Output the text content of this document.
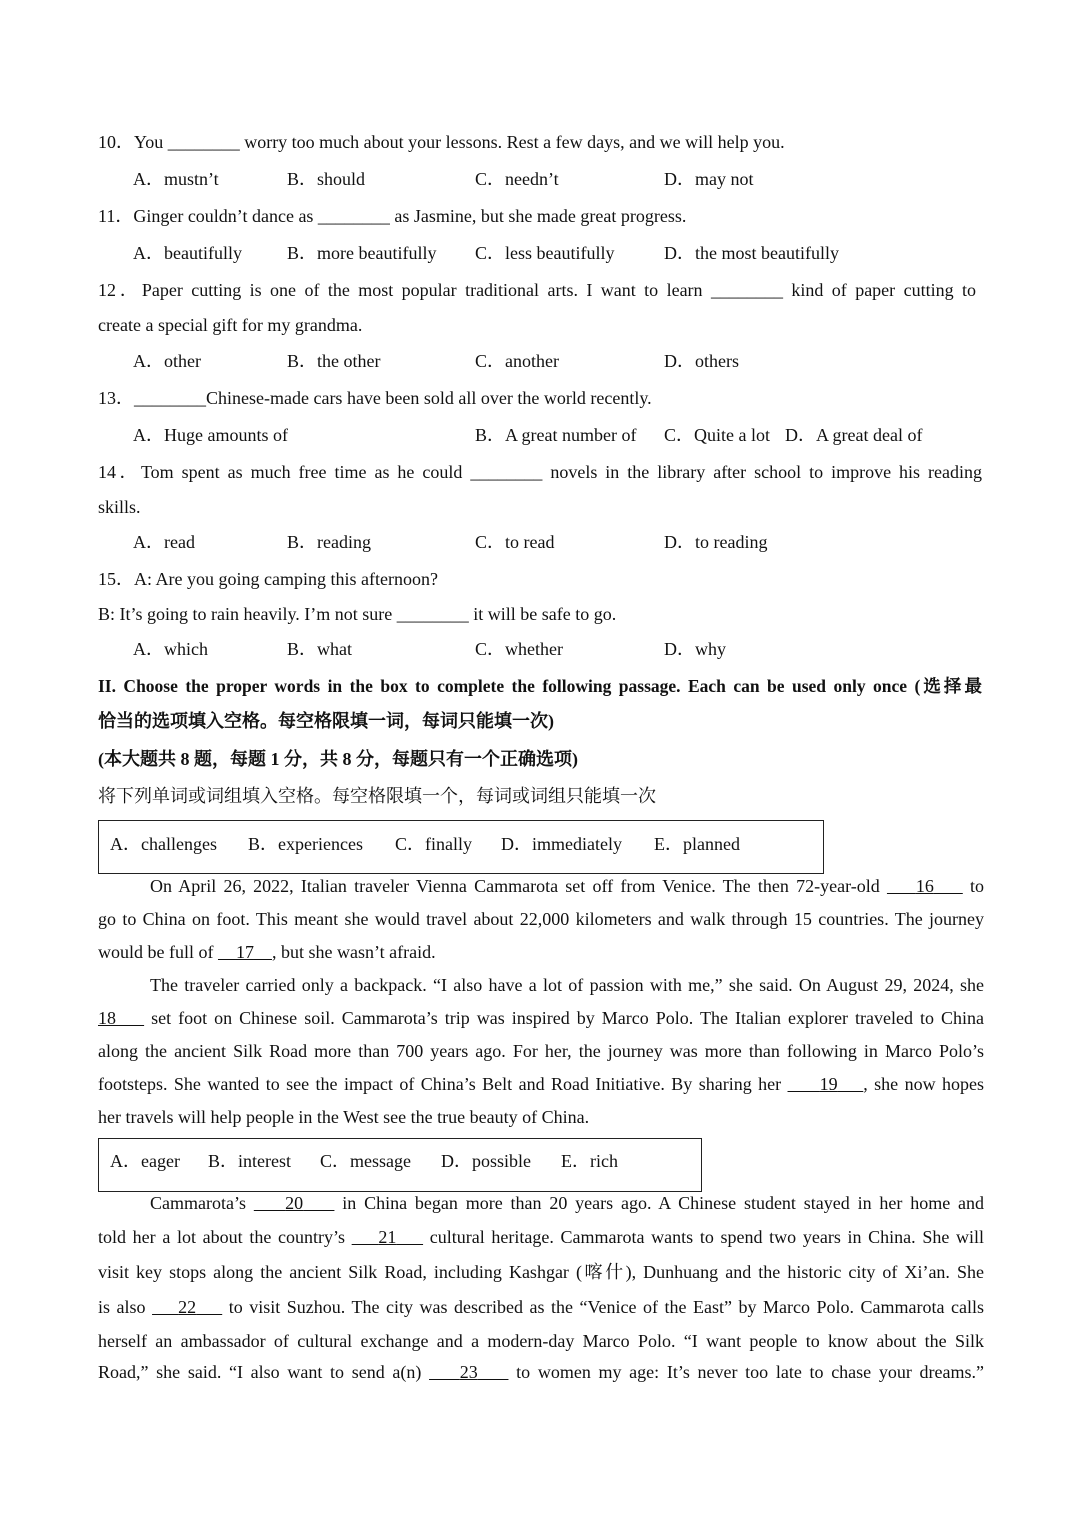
10．You ________ worry too much about your lessons. Rest a few days, and we will help you.
A．mustn’t	B．should	C．needn’t	D．may not
11．Ginger couldn’t dance as ________ as Jasmine, but she made great progress.
A．beautifully	B．more beautifully C．less beautifully	D．the most beautifully
12．Paper cutting is one of the most popular traditional arts. I want to learn ________ kind of paper cutting to
create a special gift for my grandma.
A．other	B．the other	C．another	D．others
13．________Chinese-made cars have been sold all over the world recently.
A．Huge amounts of	B．A great number of C．Quite a lot D．A great deal of
14．Tom spent as much free time as he could ________ novels in the library after school to improve his reading
skills.
A．read	B．reading	C．to read	D．to reading
15．A: Are you going camping this afternoon?
B: It’s going to rain heavily. I’m not sure ________ it will be safe to go.
A．which	B．what	C．whether	D．why
II. Choose the proper words in the box to complete the following passage. Each can be used only once (选择最
恰当的选项填入空格。每空格限填一词，每词只能填一次)
(本大题共 8 题，每题 1 分，共 8 分，每题只有一个正确选项)
将下列单词或词组填入空格。每空格限填一个，每词或词组只能填一次
A．challenges B．experiences C．finally D．immediately E．planned
On April 26, 2022, Italian traveler Vienna Cammarota set off from Venice. The then 72-year-old     16     to
go to China on foot. This meant she would travel about 22,000 kilometers and walk through 15 countries. The journey
would be full of     17 , but she wasn’t afraid.
The traveler carried only a backpack. “I also have a lot of passion with me,” she said. On August 29, 2024, she
18     set foot on Chinese soil. Cammarota’s trip was inspired by Marco Polo. The Italian explorer traveled to China
along the ancient Silk Road more than 700 years ago. For her, the journey was more than following in Marco Polo’s
footsteps. She wanted to see the impact of China’s Belt and Road Initiative. By sharing her      19 , she now hopes
her travels will help people in the West see the true beauty of China.
A．eager B．interest C．message D．possible E．rich
Cammarota’s     20     in China began more than 20 years ago. A Chinese student stayed in her home and
told her a lot about the country’s     21     cultural heritage. Cammarota wants to spend two years in China. She will
visit key stops along the ancient Silk Road, including Kashgar (喀什), Dunhuang and the historic city of Xi’an. She
is also     22     to visit Suzhou. The city was described as the “Venice of the East” by Marco Polo. Cammarota calls
herself an ambassador of cultural exchange and a modern-day Marco Polo. “I want people to know about the Silk
Road,” she said. “I also want to send a(n)     23     to women my age: It’s never too late to chase your dreams.”
